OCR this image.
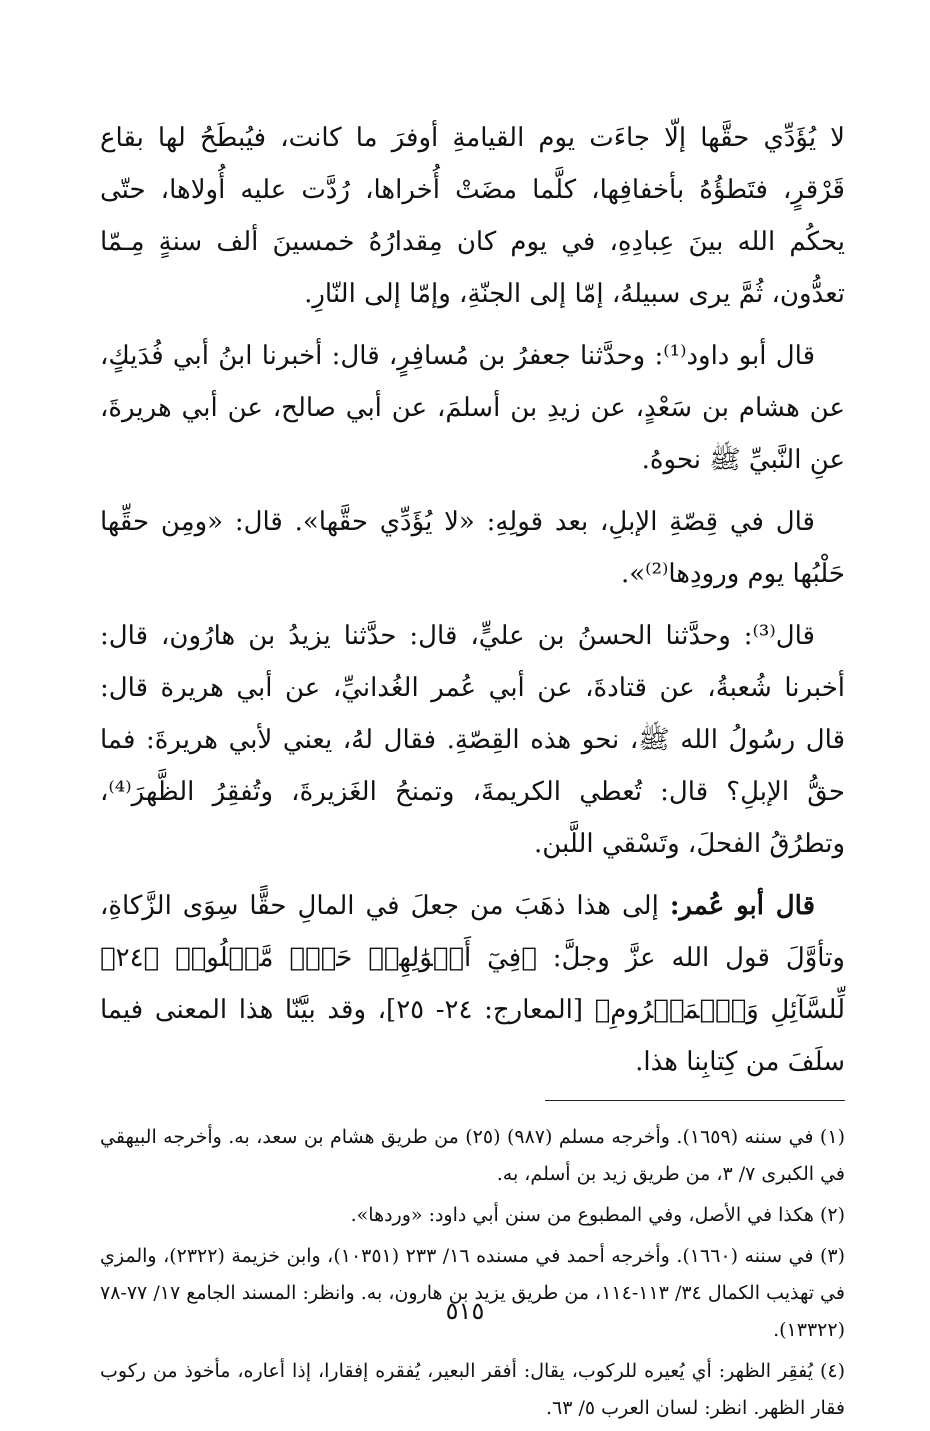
لا يُؤَدِّي حقَّها إلّا جاءَت يوم القيامةِ أوفرَ ما كانت، فيُبطَحُ لها بقاع قَرْقرٍ، فتَطؤُهُ بأخفافِها، كلَّما مضَتْ أُخراها، رُدَّت عليه أُولاها، حتّى يحكُم الله بينَ عِبادِهِ، في يوم كان مِقدارُهُ خمسينَ ألف سنةٍ مِـمّا تعدُّون، ثُمَّ يرى سبيلهُ، إمّا إلى الجنّةِ، وإمّا إلى النّارِ.

قال أبو داود⁽¹⁾: وحدَّثنا جعفرُ بن مُسافِرٍ، قال: أخبرنا ابنُ أبي فُدَيكٍ، عن هشام بن سَعْدٍ، عن زيدِ بن أسلمَ، عن أبي صالح، عن أبي هريرةَ، عنِ النَّبيِّ ﷺ نحوهُ.

قال في قِصّةِ الإبلِ، بعد قولِهِ: «لا يُؤَدِّي حقَّها». قال: «ومِن حقِّها حَلْبُها يوم ورودِها⁽²⁾».

قال⁽³⁾: وحدَّثنا الحسنُ بن عليٍّ، قال: حدَّثنا يزيدُ بن هارُون، قال: أخبرنا شُعبةُ، عن قتادةَ، عن أبي عُمر الغُدانيِّ، عن أبي هريرة قال: قال رسُولُ الله ﷺ، نحو هذه القِصّةِ. فقال لهُ، يعني لأبي هريرةَ: فما حقُّ الإبلِ؟ قال: تُعطي الكريمةَ، وتمنحُ الغَزيرةَ، وتُفقِرُ الظَّهرَ⁽⁴⁾، وتطرُقُ الفحلَ، وتَسْقي اللَّبن.

قال أبو عُمر: إلى هذا ذهَبَ من جعلَ في المالِ حقًّا سِوَى الزَّكاةِ، وتأوَّلَ قول الله عزَّ وجلَّ: ﴿فِيٓ أَمۡوَٰلِهِمۡ حَقّٞ مَّعۡلُومٞ ﴿٢٤﴾ لِّلسَّآئِلِ وَٱلۡمَحۡرُومِ﴾ [المعارج: ٢٤- ٢٥]، وقد بيَّنّا هذا المعنى فيما سلَفَ من كِتابِنا هذا.

(١) في سننه (١٦٥٩). وأخرجه مسلم (٩٨٧) (٢٥) من طريق هشام بن سعد، به. وأخرجه البيهقي في الكبرى ٧/ ٣، من طريق زيد بن أسلم، به.

(٢) هكذا في الأصل، وفي المطبوع من سنن أبي داود: «وردها».

(٣) في سننه (١٦٦٠). وأخرجه أحمد في مسنده ١٦/ ٢٣٣ (١٠٣٥١)، وابن خزيمة (٢٣٢٢)، والمزي في تهذيب الكمال ٣٤/ ١١٣-١١٤، من طريق يزيد بن هارون، به. وانظر: المسند الجامع ١٧/ ٧٧-٧٨ (١٣٣٢٢).

(٤) يُفقِر الظهر: أي يُعيره للركوب، يقال: أفقر البعير، يُفقره إفقارا، إذا أعاره، مأخوذ من ركوب فقار الظهر. انظر: لسان العرب ٥/ ٦٣.

٥١٥
